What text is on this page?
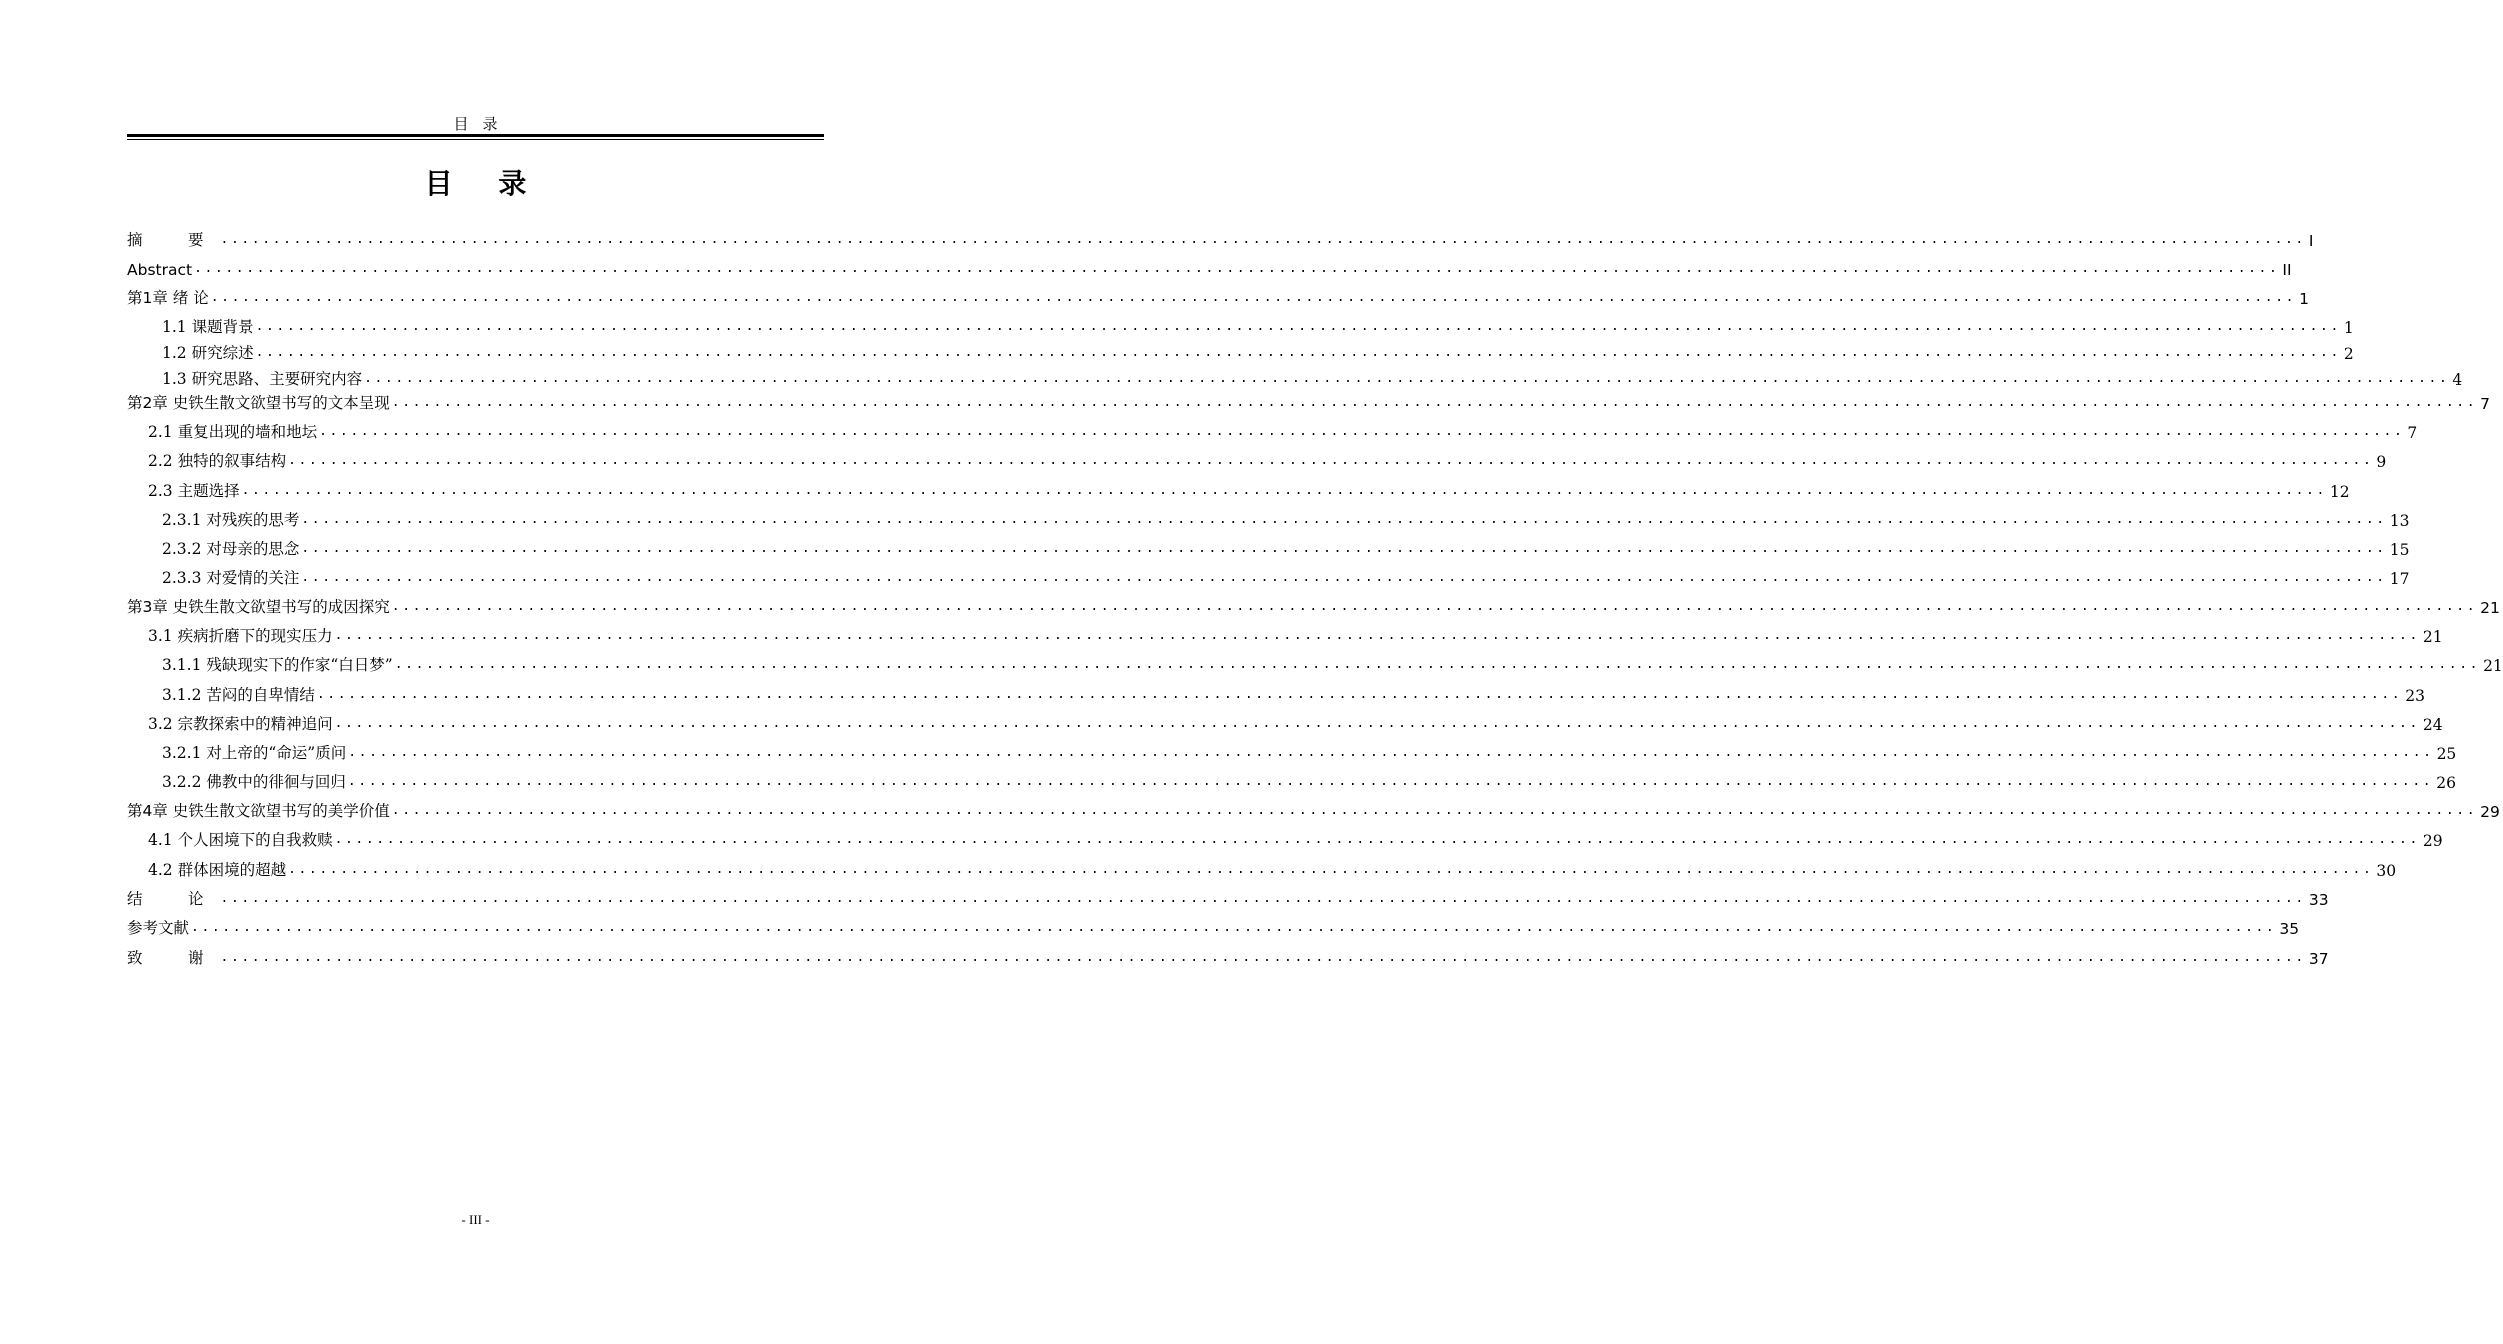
目录
目 录
摘　要 ........................................................................................................................................................................................................ I
Abstract ........................................................................................................................................................................................................ II
第1章 绪 论 ........................................................................................................................................................................................................ 1
1.1 课题背景 ........................................................................................................................................................................................................ 1
1.2 研究综述 ........................................................................................................................................................................................................ 2
1.3 研究思路、主要研究内容 ........................................................................................................................................................................................................ 4
第2章 史铁生散文欲望书写的文本呈现 ........................................................................................................................................................................................................ 7
2.1 重复出现的墙和地坛 ........................................................................................................................................................................................................ 7
2.2 独特的叙事结构 ........................................................................................................................................................................................................ 9
2.3 主题选择 ........................................................................................................................................................................................................ 12
2.3.1 对残疾的思考 ........................................................................................................................................................................................................ 13
2.3.2 对母亲的思念 ........................................................................................................................................................................................................ 15
2.3.3 对爱情的关注 ........................................................................................................................................................................................................ 17
第3章 史铁生散文欲望书写的成因探究 ........................................................................................................................................................................................................ 21
3.1 疾病折磨下的现实压力 ........................................................................................................................................................................................................ 21
3.1.1 残缺现实下的作家“白日梦” ........................................................................................................................................................................................................ 21
3.1.2 苦闷的自卑情结 ........................................................................................................................................................................................................ 23
3.2 宗教探索中的精神追问 ........................................................................................................................................................................................................ 24
3.2.1 对上帝的“命运”质问 ........................................................................................................................................................................................................ 25
3.2.2 佛教中的徘徊与回归 ........................................................................................................................................................................................................ 26
第4章 史铁生散文欲望书写的美学价值 ........................................................................................................................................................................................................ 29
4.1 个人困境下的自我救赎 ........................................................................................................................................................................................................ 29
4.2 群体困境的超越 ........................................................................................................................................................................................................ 30
结　论 ........................................................................................................................................................................................................ 33
参考文献 ........................................................................................................................................................................................................ 35
致　谢 ........................................................................................................................................................................................................ 37
- III -
